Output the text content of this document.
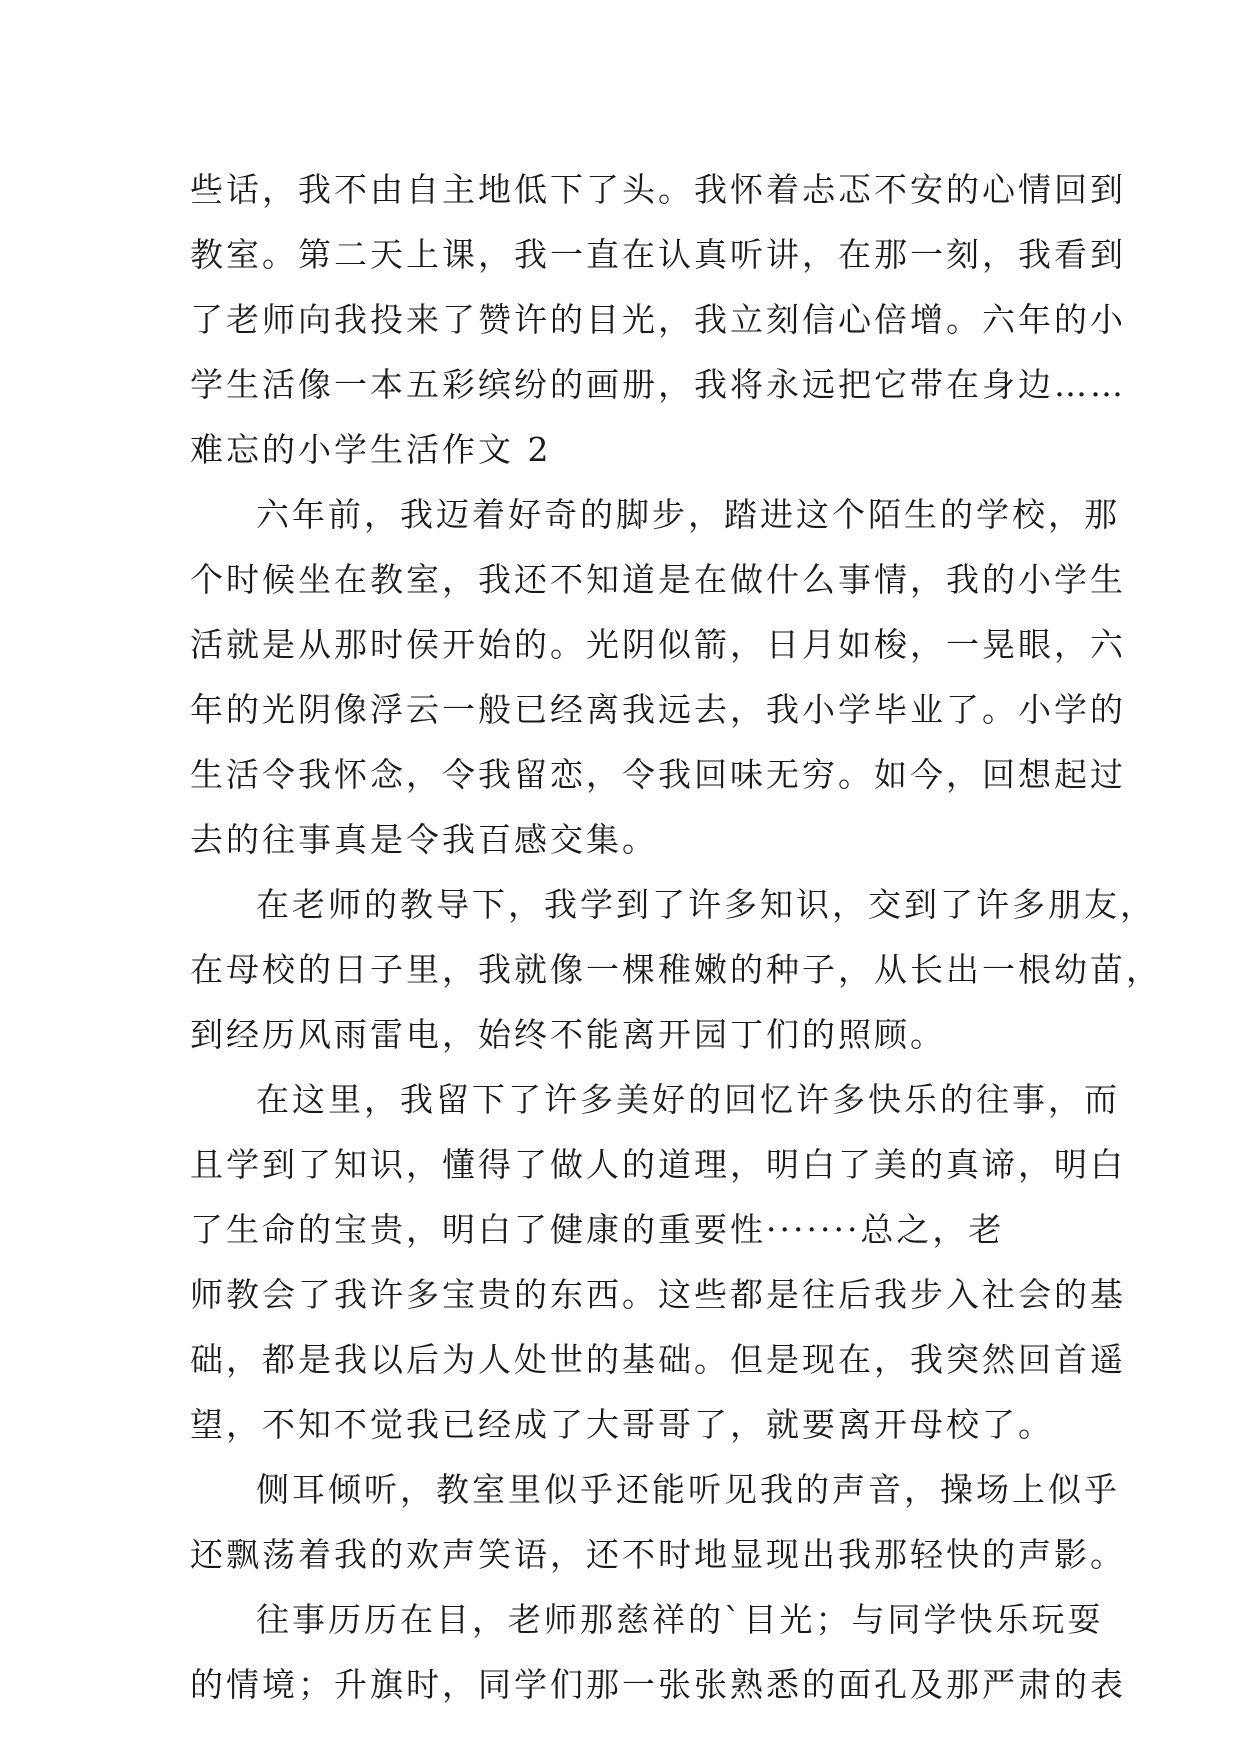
些话，我不由自主地低下了头。我怀着忐忑不安的心情回到
教室。第二天上课，我一直在认真听讲，在那一刻，我看到
了老师向我投来了赞许的目光，我立刻信心倍增。六年的小
学生活像一本五彩缤纷的画册，我将永远把它带在身边……
难忘的小学生活作文 2
六年前，我迈着好奇的脚步，踏进这个陌生的学校，那
个时候坐在教室，我还不知道是在做什么事情，我的小学生
活就是从那时侯开始的。光阴似箭，日月如梭，一晃眼，六
年的光阴像浮云一般已经离我远去，我小学毕业了。小学的
生活令我怀念，令我留恋，令我回味无穷。如今，回想起过
去的往事真是令我百感交集。
在老师的教导下，我学到了许多知识，交到了许多朋友，
在母校的日子里，我就像一棵稚嫩的种子，从长出一根幼苗，
到经历风雨雷电，始终不能离开园丁们的照顾。
在这里，我留下了许多美好的回忆许多快乐的往事，而
且学到了知识，懂得了做人的道理，明白了美的真谛，明白
了生命的宝贵，明白了健康的重要性·······总之，老
师教会了我许多宝贵的东西。这些都是往后我步入社会的基
础，都是我以后为人处世的基础。但是现在，我突然回首遥
望，不知不觉我已经成了大哥哥了，就要离开母校了。
侧耳倾听，教室里似乎还能听见我的声音，操场上似乎
还飘荡着我的欢声笑语，还不时地显现出我那轻快的声影。
往事历历在目，老师那慈祥的`目光；与同学快乐玩耍
的情境；升旗时，同学们那一张张熟悉的面孔及那严肃的表
